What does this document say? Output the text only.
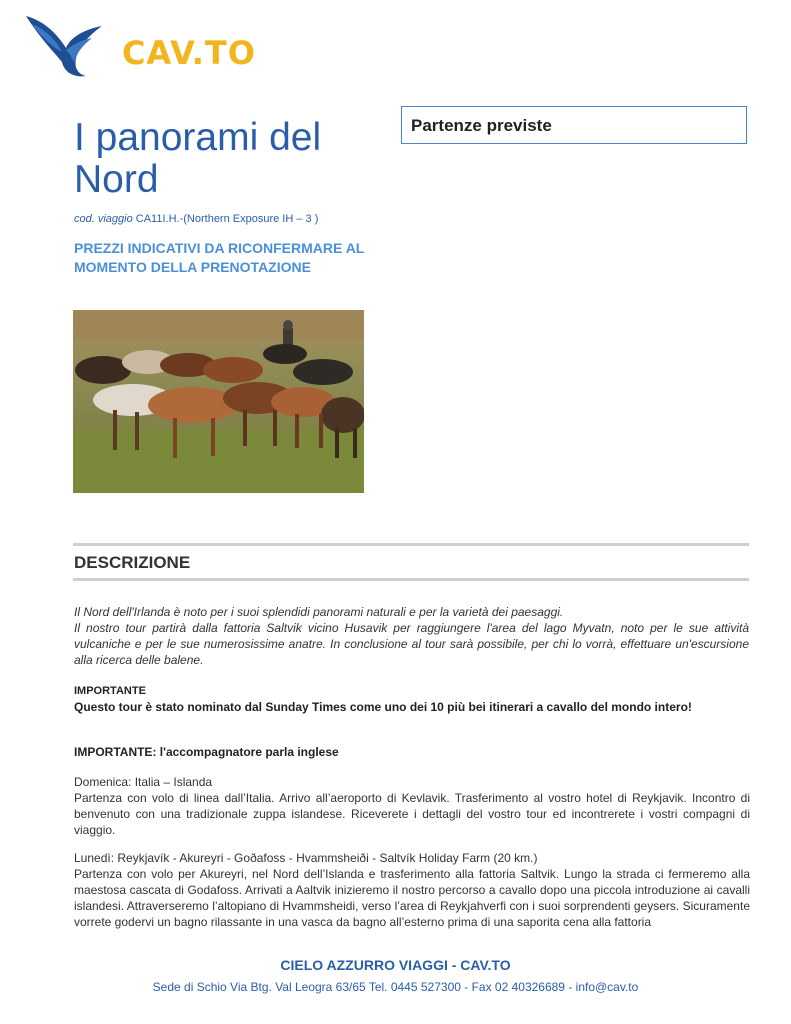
CAV.TO
I panorami del Nord
cod. viaggio CA11I.H.-(Northern Exposure IH – 3 )
PREZZI INDICATIVI DA RICONFERMARE AL MOMENTO DELLA PRENOTAZIONE
Partenze previste
DESCRIZIONE

Il Nord dell'Irlanda è noto per i suoi splendidi panorami naturali e per la varietà dei paesaggi.

Il nostro tour partirà dalla fattoria Saltvik vicino Husavik per raggiungere l'area del lago Myvatn, noto per le sue attività vulcaniche e per le sue numerosissime anatre. In conclusione al tour sarà possibile, per chi lo vorrà, effettuare un'escursione alla ricerca delle balene.

IMPORTANTE
Questo tour è stato nominato dal Sunday Times come uno dei 10 più bei itinerari a cavallo del mondo intero!
IMPORTANTE: l'accompagnatore parla inglese

Domenica: Italia – Islanda

Partenza con volo di linea dall’Italia. Arrivo all’aeroporto di Kevlavik. Trasferimento al vostro hotel di Reykjavik. Incontro di benvenuto con una tradizionale zuppa islandese. Riceverete i dettagli del vostro tour ed incontrerete i vostri compagni di viaggio.

Lunedì: Reykjavík - Akureyri - Goðafoss - Hvammsheiði - Saltvík Holiday Farm (20 km.)

Partenza con volo per Akureyri, nel Nord dell’Islanda e trasferimento alla fattoria Saltvik. Lungo la strada ci fermeremo alla maestosa cascata di Godafoss. Arrivati a Aaltvik inizieremo il nostro percorso a cavallo dopo una piccola introduzione ai cavalli islandesi. Attraverseremo l’altopiano di Hvammsheidi, verso l’area di Reykjahverfi con i suoi sorprendenti geysers. Sicuramente vorrete godervi un bagno rilassante in una vasca da bagno all’esterno prima di una saporita cena alla fattoria

CIELO AZZURRO VIAGGI - CAV.TO
Sede di Schio Via Btg. Val Leogra 63/65 Tel. 0445 527300 - Fax 02 40326689 - info@cav.to
